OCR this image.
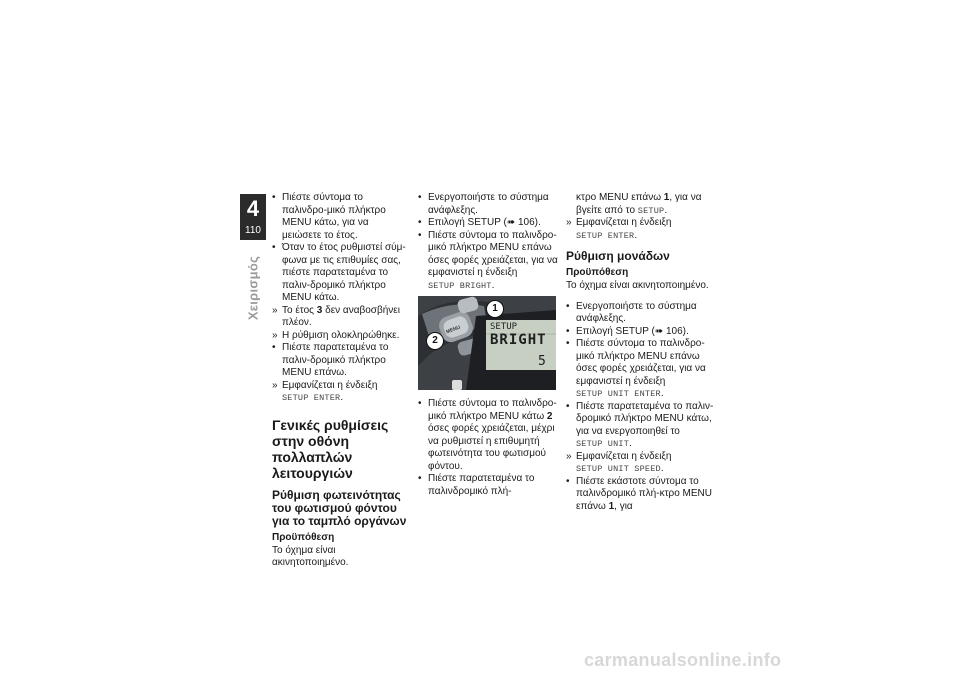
4
110
Χειρισμός

• Πιέστε σύντομα το παλινδρο-μικό πλήκτρο MENU κάτω, για να μειώσετε το έτος.

• Όταν το έτος ρυθμιστεί σύμ-φωνα με τις επιθυμίες σας, πιέστε παρατεταμένα το παλιν-δρομικό πλήκτρο MENU κάτω.

» Το έτος 3 δεν αναβοσβήνει πλέον.

» Η ρύθμιση ολοκληρώθηκε.

• Πιέστε παρατεταμένα το παλιν-δρομικό πλήκτρο MENU επάνω.

» Εμφανίζεται η ένδειξη

SETUP ENTER.

Γενικές ρυθμίσεις στην οθόνη πολλαπλών λειτουργιών
Ρύθμιση φωτεινότητας του φωτισμού φόντου για το ταμπλό οργάνων
Προϋπόθεση

Το όχημα είναι ακινητοποιημένο.

• Ενεργοποιήστε το σύστημα ανάφλεξης.

• Επιλογή SETUP (➠ 106).

• Πιέστε σύντομα το παλινδρο-μικό πλήκτρο MENU επάνω όσες φορές χρειάζεται, για να εμφανιστεί η ένδειξη

SETUP BRIGHT.

SETUP
BRIGHT
5
MENU
1
2

• Πιέστε σύντομα το παλινδρο-μικό πλήκτρο MENU κάτω 2 όσες φορές χρειάζεται, μέχρι να ρυθμιστεί η επιθυμητή φωτεινότητα του φωτισμού φόντου.

• Πιέστε παρατεταμένα το παλινδρομικό πλή-

κτρο MENU επάνω 1, για να βγείτε από το SETUP.

» Εμφανίζεται η ένδειξη

SETUP ENTER.

Ρύθμιση μονάδων
Προϋπόθεση

Το όχημα είναι ακινητοποιημένο.

• Ενεργοποιήστε το σύστημα ανάφλεξης.

• Επιλογή SETUP (➠ 106).

• Πιέστε σύντομα το παλινδρο-μικό πλήκτρο MENU επάνω όσες φορές χρειάζεται, για να εμφανιστεί η ένδειξη

SETUP UNIT ENTER.

• Πιέστε παρατεταμένα το παλιν-δρομικό πλήκτρο MENU κάτω, για να ενεργοποιηθεί το

SETUP UNIT.

» Εμφανίζεται η ένδειξη

SETUP UNIT SPEED.

• Πιέστε εκάστοτε σύντομα το παλινδρομικό πλή-κτρο MENU επάνω 1, για

carmanualsonline.info
